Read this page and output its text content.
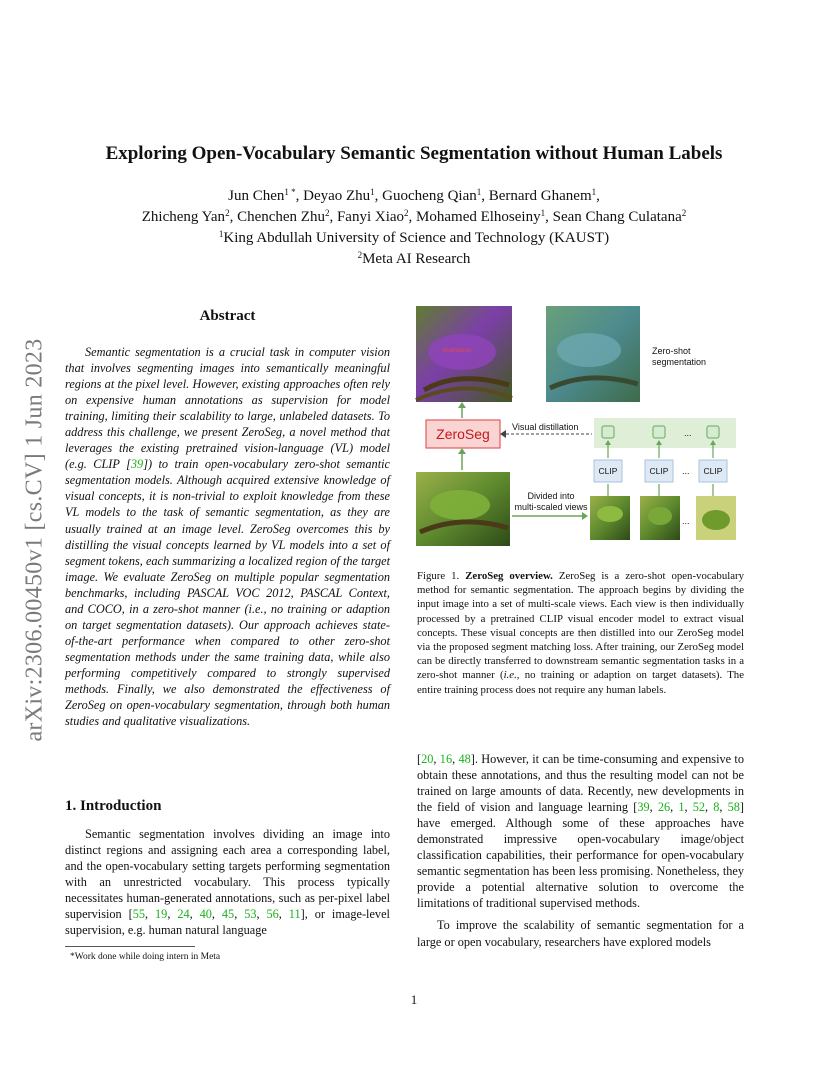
arXiv:2306.00450v1 [cs.CV] 1 Jun 2023
Exploring Open-Vocabulary Semantic Segmentation without Human Labels
Jun Chen$^{1 *}$, Deyao Zhu$^1$, Guocheng Qian$^1$, Bernard Ghanem$^1$,
Zhicheng Yan$^2$, Chenchen Zhu$^2$, Fanyi Xiao$^2$, Mohamed Elhoseiny$^1$, Sean Chang Culatana$^2$
$^1$King Abdullah University of Science and Technology (KAUST)
$^2$Meta AI Research
Abstract

Semantic segmentation is a crucial task in computer vision that involves segmenting images into semantically meaningful regions at the pixel level. However, existing approaches often rely on expensive human annotations as supervision for model training, limiting their scalability to large, unlabeled datasets. To address this challenge, we present ZeroSeg, a novel method that leverages the existing pretrained vision-language (VL) model (e.g. CLIP [39]) to train open-vocabulary zero-shot semantic segmentation models. Although acquired extensive knowledge of visual concepts, it is non-trivial to exploit knowledge from these VL models to the task of semantic segmentation, as they are usually trained at an image level. ZeroSeg overcomes this by distilling the visual concepts learned by VL models into a set of segment tokens, each summarizing a localized region of the target image. We evaluate ZeroSeg on multiple popular segmentation benchmarks, including PASCAL VOC 2012, PASCAL Context, and COCO, in a zero-shot manner (i.e., no training or adaption on target segmentation datasets). Our approach achieves state-of-the-art performance when compared to other zero-shot segmentation methods under the same training data, while also performing competitively compared to strongly supervised methods. Finally, we also demonstrated the effectiveness of ZeroSeg on open-vocabulary segmentation, through both human studies and qualitative visualizations.

1. Introduction

Semantic segmentation involves dividing an image into distinct regions and assigning each area a corresponding label, and the open-vocabulary setting targets performing segmentation with an unrestricted vocabulary. This process typically necessitates human-generated annotations, such as per-pixel label supervision [55, 19, 24, 40, 45, 53, 56, 11], or image-level supervision, e.g. human natural language

*Work done while doing intern in Meta
chameleon	Zero-shot
segmentation
ZeroSeg Visual distillation
...
CLIP	CLIP ... CLIP
Divided into
multi-scaled views
...
Figure 1. ZeroSeg overview. ZeroSeg is a zero-shot open-vocabulary method for semantic segmentation. The approach begins by dividing the input image into a set of multi-scale views. Each view is then individually processed by a pretrained CLIP visual encoder model to extract visual concepts. These visual concepts are then distilled into our ZeroSeg model via the proposed segment matching loss. After training, our ZeroSeg model can be directly transferred to downstream semantic segmentation tasks in a zero-shot manner (i.e., no training or adaption on target datasets). The entire training process does not require any human labels.

[20, 16, 48]. However, it can be time-consuming and expensive to obtain these annotations, and thus the resulting model can not be trained on large amounts of data. Recently, new developments in the field of vision and language learning [39, 26, 1, 52, 8, 58] have emerged. Although some of these approaches have demonstrated impressive open-vocabulary image/object classification capabilities, their performance for open-vocabulary semantic segmentation has been less promising. Nonetheless, they provide a potential alternative solution to overcome the limitations of traditional supervised methods.

To improve the scalability of semantic segmentation for a large or open vocabulary, researchers have explored models

1
